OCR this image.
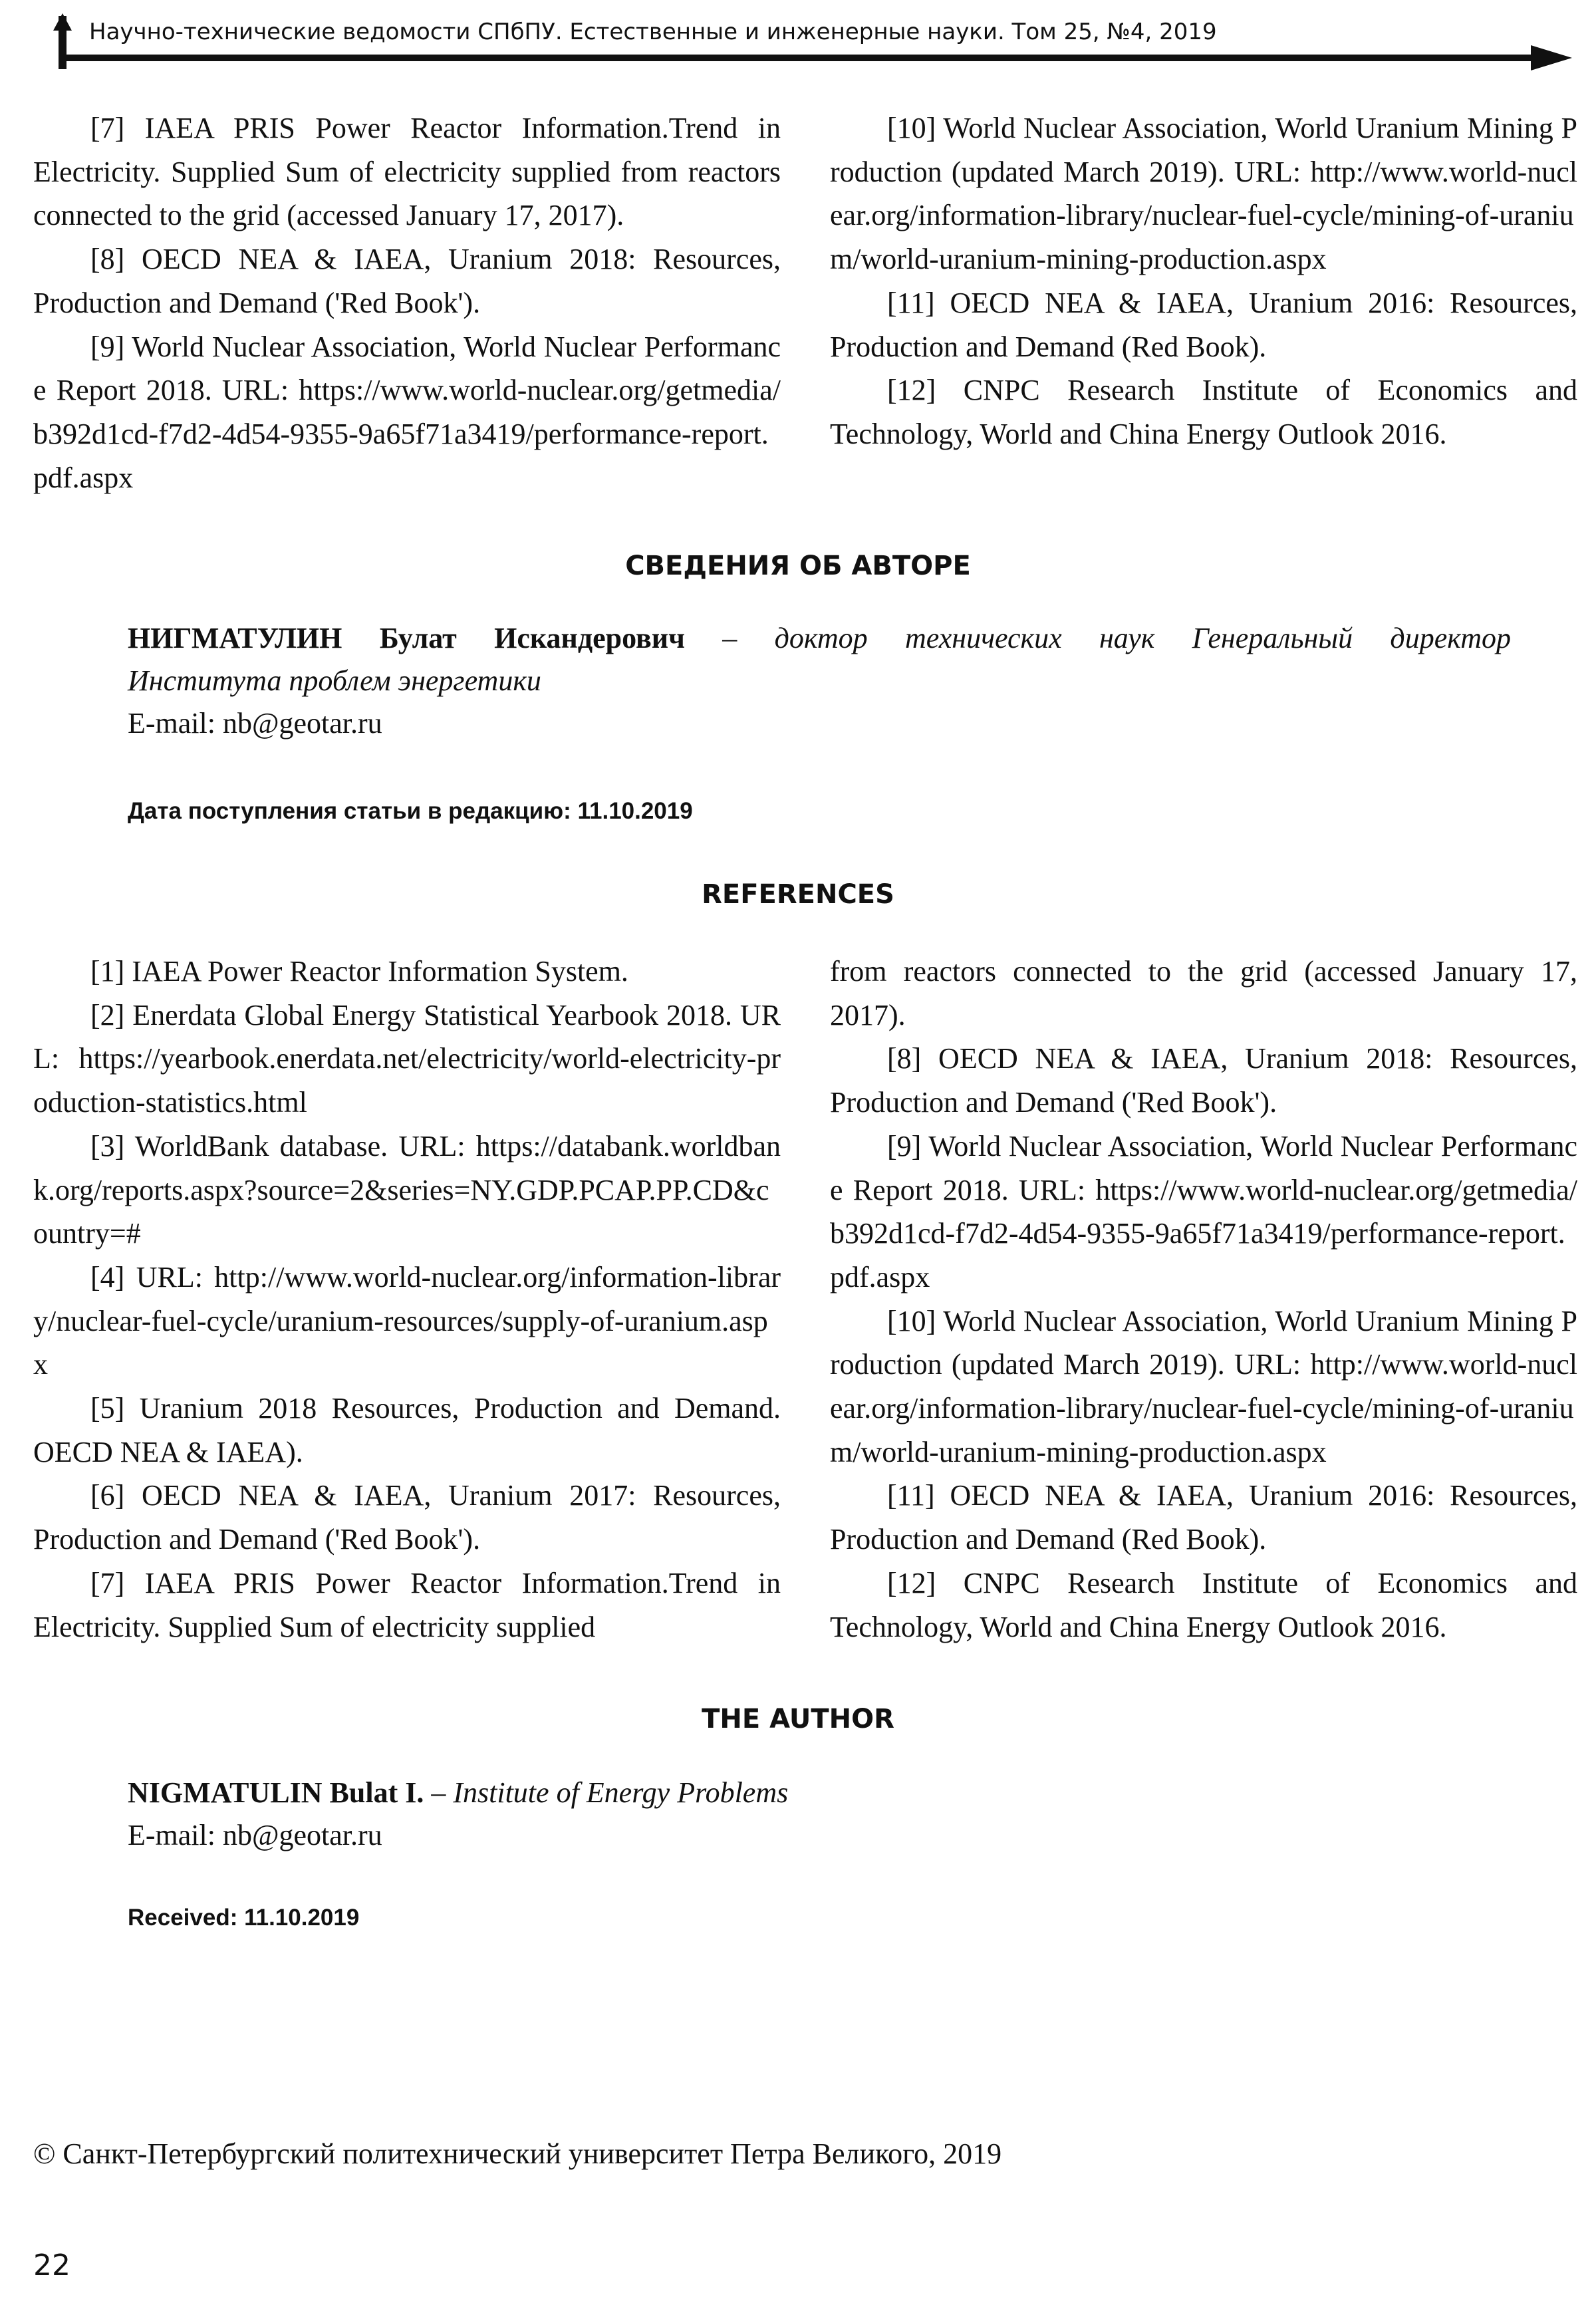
Научно-технические ведомости СПбПУ. Естественные и инженерные науки. Том 25, №4, 2019

[7] IAEA PRIS Power Reactor Information.Trend in Electricity. Supplied Sum of electricity supplied from reactors connected to the grid (accessed January 17, 2017).

[8] OECD NEA & IAEA, Uranium 2018: Resources, Production and Demand ('Red Book').

[9] World Nuclear Association, World Nuclear Performance Report 2018. URL: https://www.world-nuclear.org/getmedia/b392d1cd-f7d2-4d54-9355-9a65f71a3419/performance-report.pdf.aspx

[10] World Nuclear Association, World Uranium Mining Production (updated March 2019). URL: http://www.world-nuclear.org/information-library/nuclear-fuel-cycle/mining-of-uranium/world-uranium-mining-production.aspx

[11] OECD NEA & IAEA, Uranium 2016: Resources, Production and Demand (Red Book).

[12] CNPC Research Institute of Economics and Technology, World and China Energy Outlook 2016.

СВЕДЕНИЯ ОБ АВТОРЕ
НИГМАТУЛИН Булат Искандерович – доктор технических наук Генеральный директор
Института проблем энергетики
E-mail: nb@geotar.ru
Дата поступления статьи в редакцию: 11.10.2019
REFERENCES

[1] IAEA Power Reactor Information System.

[2] Enerdata Global Energy Statistical Yearbook 2018. URL: https://yearbook.enerdata.net/electricity/world-electricity-production-statistics.html

[3] WorldBank database. URL: https://databank.worldbank.org/reports.aspx?source=2&series=NY.GDP.PCAP.PP.CD&country=#

[4] URL: http://www.world-nuclear.org/information-library/nuclear-fuel-cycle/uranium-resources/supply-of-uranium.aspx

[5] Uranium 2018 Resources, Production and Demand. OECD NEA & IAEA).

[6] OECD NEA & IAEA, Uranium 2017: Resources, Production and Demand ('Red Book').

[7] IAEA PRIS Power Reactor Information.Trend in Electricity. Supplied Sum of electricity supplied

from reactors connected to the grid (accessed January 17, 2017).

[8] OECD NEA & IAEA, Uranium 2018: Resources, Production and Demand ('Red Book').

[9] World Nuclear Association, World Nuclear Performance Report 2018. URL: https://www.world-nuclear.org/getmedia/b392d1cd-f7d2-4d54-9355-9a65f71a3419/performance-report.pdf.aspx

[10] World Nuclear Association, World Uranium Mining Production (updated March 2019). URL: http://www.world-nuclear.org/information-library/nuclear-fuel-cycle/mining-of-uranium/world-uranium-mining-production.aspx

[11] OECD NEA & IAEA, Uranium 2016: Resources, Production and Demand (Red Book).

[12] CNPC Research Institute of Economics and Technology, World and China Energy Outlook 2016.

THE AUTHOR
NIGMATULIN Bulat I. – Institute of Energy Problems
E-mail: nb@geotar.ru
Received: 11.10.2019
© Санкт-Петербургский политехнический университет Петра Великого, 2019
22
